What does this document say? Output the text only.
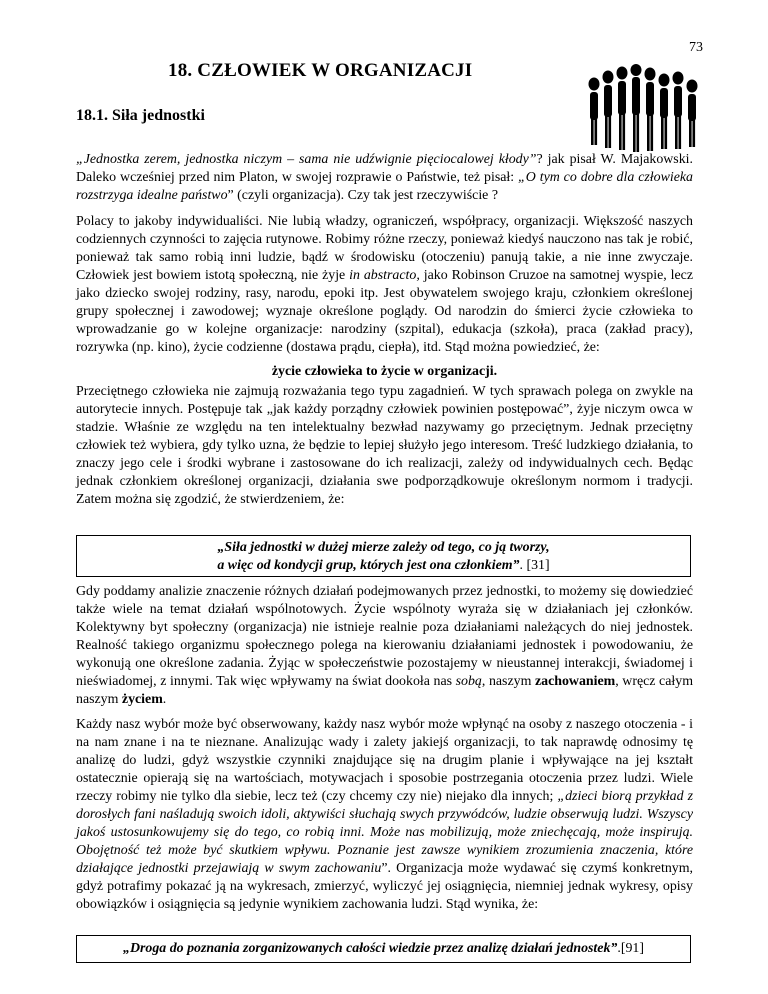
73
18. CZŁOWIEK W ORGANIZACJI
18.1. Siła jednostki

„Jednostka zerem, jednostka niczym – sama nie udźwignie pięciocalowej kłody”? jak pisał W. Majakowski. Daleko wcześniej przed nim Platon, w swojej rozprawie o Państwie, też pisał: „O tym co dobre dla człowieka rozstrzyga idealne państwo” (czyli organizacja). Czy tak jest rzeczywiście ?

Polacy to jakoby indywidualiści. Nie lubią władzy, ograniczeń, współpracy, organizacji. Większość naszych codziennych czynności to zajęcia rutynowe. Robimy różne rzeczy, ponieważ kiedyś nauczono nas tak je robić, ponieważ tak samo robią inni ludzie, bądź w środowisku (otoczeniu) panują takie, a nie inne zwyczaje. Człowiek jest bowiem istotą społeczną, nie żyje in abstracto, jako Robinson Cruzoe na samotnej wyspie, lecz jako dziecko swojej rodziny, rasy, narodu, epoki itp. Jest obywatelem swojego kraju, członkiem określonej grupy społecznej i zawodowej; wyznaje określone poglądy. Od narodzin do śmierci życie człowieka to wprowadzanie go w kolejne organizacje: narodziny (szpital), edukacja (szkoła), praca (zakład pracy), rozrywka (np. kino), życie codzienne (dostawa prądu, ciepła), itd. Stąd można powiedzieć, że:

życie człowieka to życie w organizacji.

Przeciętnego człowieka nie zajmują rozważania tego typu zagadnień. W tych sprawach polega on zwykle na autorytecie innych. Postępuje tak „jak każdy porządny człowiek powinien postępować”, żyje niczym owca w stadzie. Właśnie ze względu na ten intelektualny bezwład nazywamy go przeciętnym. Jednak przeciętny człowiek też wybiera, gdy tylko uzna, że będzie to lepiej służyło jego interesom. Treść ludzkiego działania, to znaczy jego cele i środki wybrane i zastosowane do ich realizacji, zależy od indywidualnych cech. Będąc jednak członkiem określonej organizacji, działania swe podporządkowuje określonym normom i tradycji. Zatem można się zgodzić, że stwierdzeniem, że:

„Siła jednostki w dużej mierze zależy od tego, co ją tworzy,
a więc od kondycji grup, których jest ona członkiem”. [31]

Gdy poddamy analizie znaczenie różnych działań podejmowanych przez jednostki, to możemy się dowiedzieć także wiele na temat działań wspólnotowych. Życie wspólnoty wyraża się w działaniach jej członków. Kolektywny byt społeczny (organizacja) nie istnieje realnie poza działaniami należących do niej jednostek. Realność takiego organizmu społecznego polega na kierowaniu działaniami jednostek i powodowaniu, że wykonują one określone zadania. Żyjąc w społeczeństwie pozostajemy w nieustannej interakcji, świadomej i nieświadomej, z innymi. Tak więc wpływamy na świat dookoła nas sobą, naszym zachowaniem, wręcz całym naszym życiem.

Każdy nasz wybór może być obserwowany, każdy nasz wybór może wpłynąć na osoby z naszego otoczenia - i na nam znane i na te nieznane. Analizując wady i zalety jakiejś organizacji, to tak naprawdę odnosimy tę analizę do ludzi, gdyż wszystkie czynniki znajdujące się na drugim planie i wpływające na jej kształt ostatecznie opierają się na wartościach, motywacjach i sposobie postrzegania otoczenia przez ludzi. Wiele rzeczy robimy nie tylko dla siebie, lecz też (czy chcemy czy nie) niejako dla innych; „dzieci biorą przykład z dorosłych fani naśladują swoich idoli, aktywiści słuchają swych przywódców, ludzie obserwują ludzi. Wszyscy jakoś ustosunkowujemy się do tego, co robią inni. Może nas mobilizują, może zniechęcają, może inspirują. Obojętność też może być skutkiem wpływu. Poznanie jest zawsze wynikiem zrozumienia znaczenia, które działające jednostki przejawiają w swym zachowaniu”. Organizacja może wydawać się czymś konkretnym, gdyż potrafimy pokazać ją na wykresach, zmierzyć, wyliczyć jej osiągnięcia, niemniej jednak wykresy, opisy obowiązków i osiągnięcia są jedynie wynikiem zachowania ludzi. Stąd wynika, że:

„Droga do poznania zorganizowanych całości wiedzie przez analizę działań jednostek”.[91]
